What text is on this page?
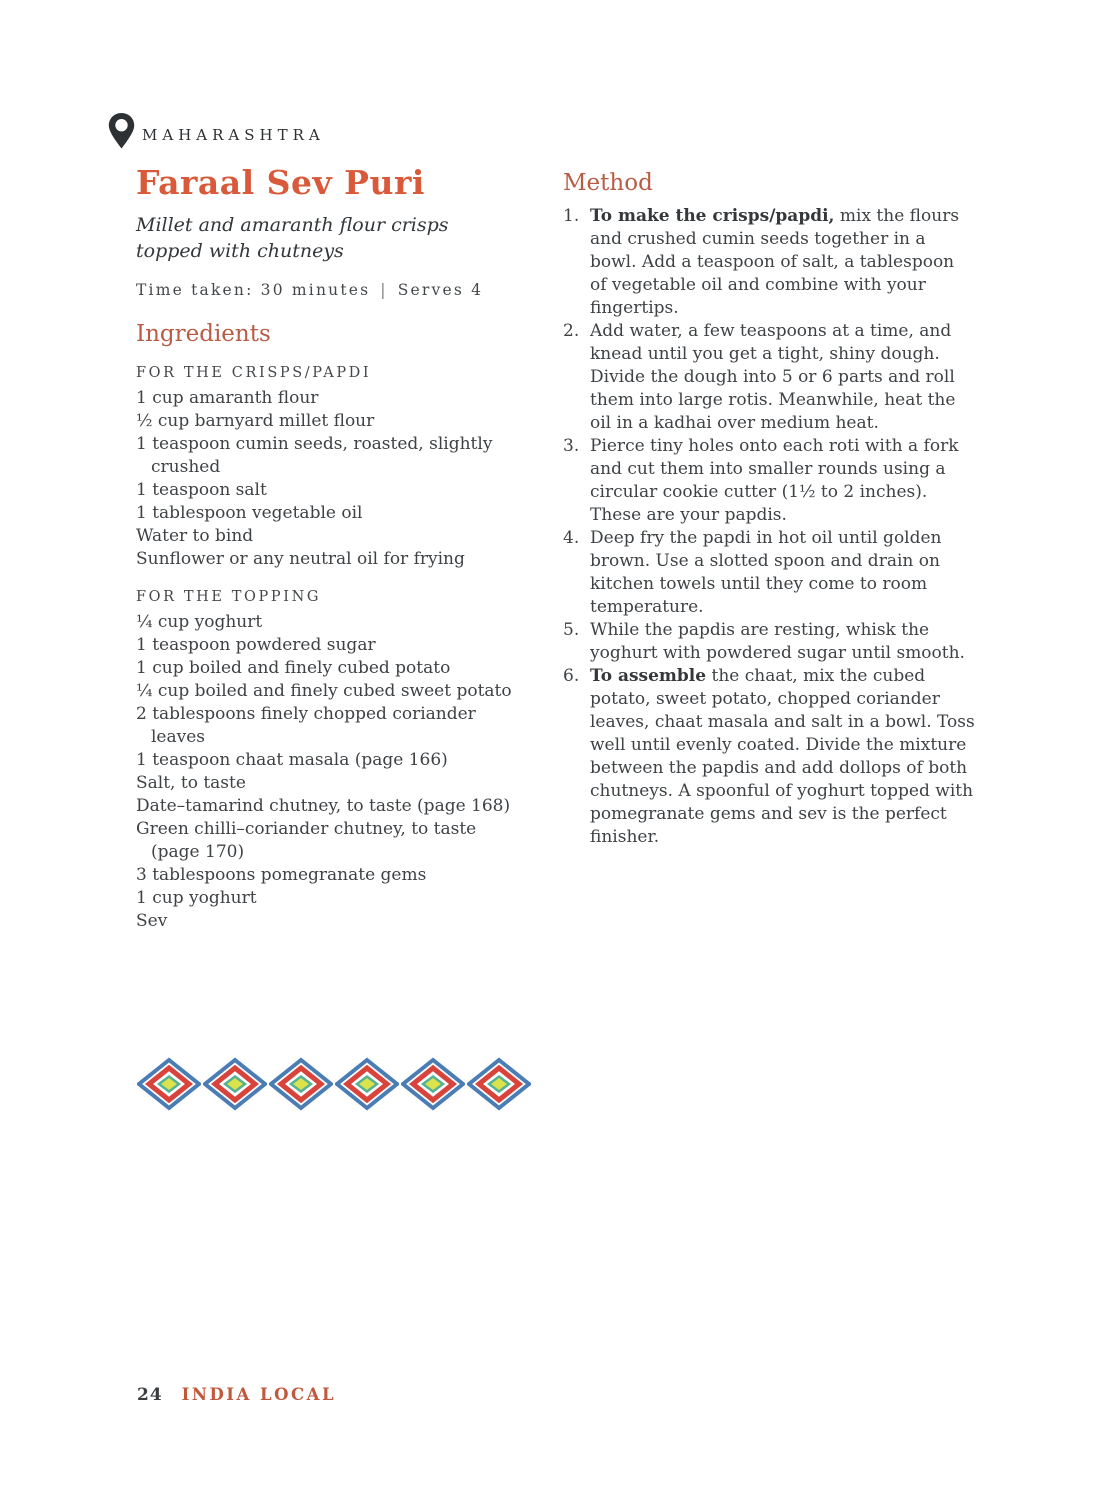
MAHARASHTRA
Faraal Sev Puri

Millet and amaranth flour crisps topped with chutneys

Time taken: 30 minutes | Serves 4
Ingredients
FOR THE CRISPS/PAPDI
1 cup amaranth flour
½ cup barnyard millet flour
1 teaspoon cumin seeds, roasted, slightly crushed
1 teaspoon salt
1 tablespoon vegetable oil
Water to bind
Sunflower or any neutral oil for frying
FOR THE TOPPING
¼ cup yoghurt
1 teaspoon powdered sugar
1 cup boiled and finely cubed potato
¼ cup boiled and finely cubed sweet potato
2 tablespoons finely chopped coriander leaves
1 teaspoon chaat masala (page 166)
Salt, to taste
Date–tamarind chutney, to taste (page 168)
Green chilli–coriander chutney, to taste (page 170)
3 tablespoons pomegranate gems
1 cup yoghurt
Sev
Method
1. To make the crisps/papdi, mix the flours and crushed cumin seeds together in a bowl. Add a teaspoon of salt, a tablespoon of vegetable oil and combine with your fingertips.
2. Add water, a few teaspoons at a time, and knead until you get a tight, shiny dough. Divide the dough into 5 or 6 parts and roll them into large rotis. Meanwhile, heat the oil in a kadhai over medium heat.
3. Pierce tiny holes onto each roti with a fork and cut them into smaller rounds using a circular cookie cutter (1½ to 2 inches). These are your papdis.
4. Deep fry the papdi in hot oil until golden brown. Use a slotted spoon and drain on kitchen towels until they come to room temperature.
5. While the papdis are resting, whisk the yoghurt with powdered sugar until smooth.
6. To assemble the chaat, mix the cubed potato, sweet potato, chopped coriander leaves, chaat masala and salt in a bowl. Toss well until evenly coated. Divide the mixture between the papdis and add dollops of both chutneys. A spoonful of yoghurt topped with pomegranate gems and sev is the perfect finisher.
24 INDIA LOCAL
